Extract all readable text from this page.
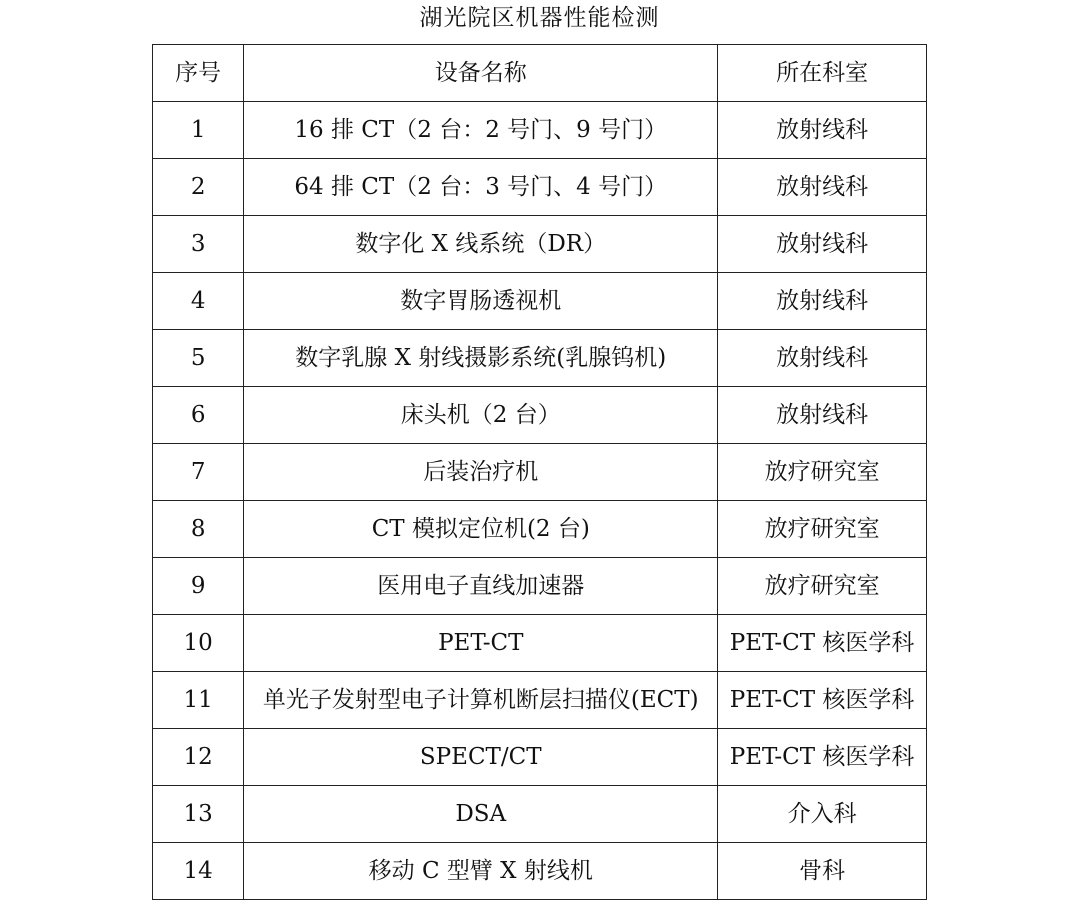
湖光院区机器性能检测
序号	设备名称	所在科室
1	16 排 CT（2 台：2 号门、9 号门）	放射线科
2	64 排 CT（2 台：3 号门、4 号门）	放射线科
3	数字化 X 线系统（DR）	放射线科
4	数字胃肠透视机	放射线科
5	数字乳腺 X 射线摄影系统(乳腺钨机)	放射线科
6	床头机（2 台）	放射线科
7	后装治疗机	放疗研究室
8	CT 模拟定位机(2 台)	放疗研究室
9	医用电子直线加速器	放疗研究室
10	PET-CT	PET-CT 核医学科
11	单光子发射型电子计算机断层扫描仪(ECT)	PET-CT 核医学科
12	SPECT/CT	PET-CT 核医学科
13	DSA	介入科
14	移动 C 型臂 X 射线机	骨科
